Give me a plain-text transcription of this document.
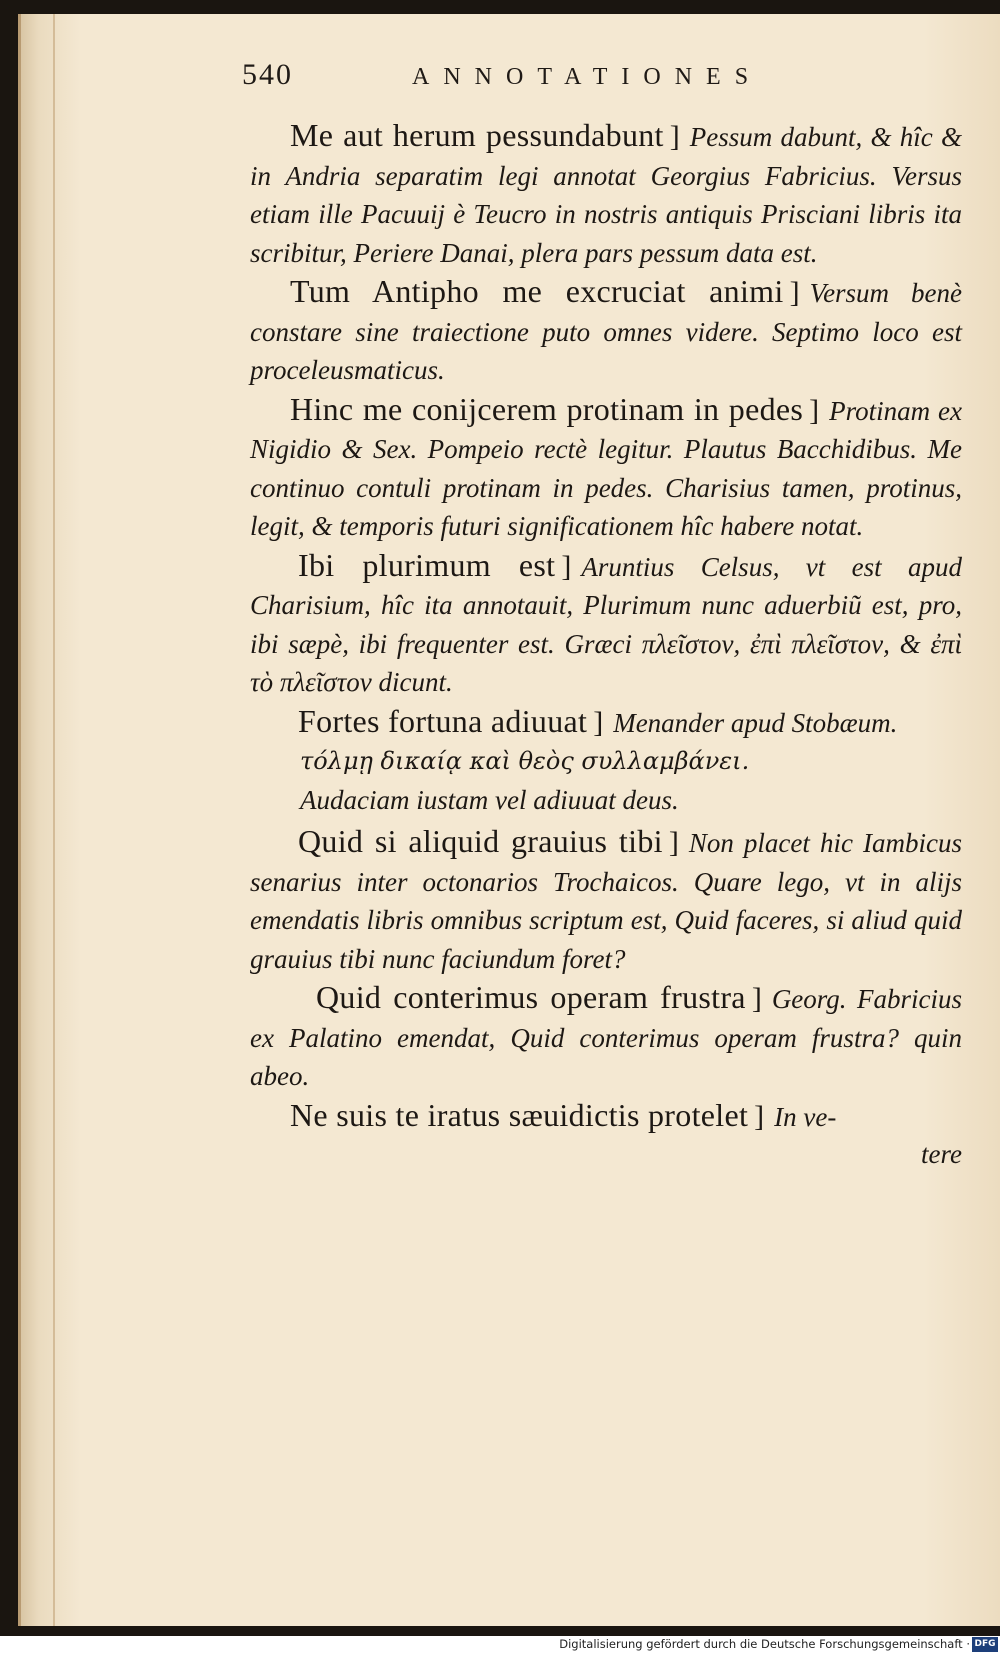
540	ANNOTATIONES

Me aut herum pessundabunt ] Pessum dabunt, & hîc & in Andria separatim legi annotat Georgius Fabricius. Versus etiam ille Pacuuij è Teucro in nostris antiquis Prisciani libris ita scribitur, Periere Danai, plera pars pessum data est.

Tum Antipho me excruciat animi ] Versum benè constare sine traiectione puto omnes videre. Septimo loco est proceleusmaticus.

Hinc me conijcerem protinam in pedes ] Protinam ex Nigidio & Sex. Pompeio rectè legitur. Plautus Bacchidibus. Me continuo contuli protinam in pedes. Charisius tamen, protinus, legit, & temporis futuri significationem hîc habere notat.

Ibi plurimum est ] Aruntius Celsus, vt est apud Charisium, hîc ita annotauit, Plurimum nunc aduerbiũ est, pro, ibi sæpè, ibi frequenter est. Græci πλεῖστον, ἐπὶ πλεῖστον, & ἐπὶ τὸ πλεῖστον dicunt.

Fortes fortuna adiuuat ] Menander apud Stobæum.

τόλμῃ δικαίᾳ καὶ θεὸς συλλαμβάνει.

Audaciam iustam vel adiuuat deus.

Quid si aliquid grauius tibi ] Non placet hic Iambicus senarius inter octonarios Trochaicos. Quare lego, vt in alijs emendatis libris omnibus scriptum est, Quid faceres, si aliud quid grauius tibi nunc faciundum foret?

Quid conterimus operam frustra ] Georg. Fabricius ex Palatino emendat, Quid conterimus operam frustra? quin abeo.

Ne suis te iratus sæuidictis protelet ] In ve-

tere

Digitalisierung gefördert durch die Deutsche Forschungsgemeinschaft · DFG
